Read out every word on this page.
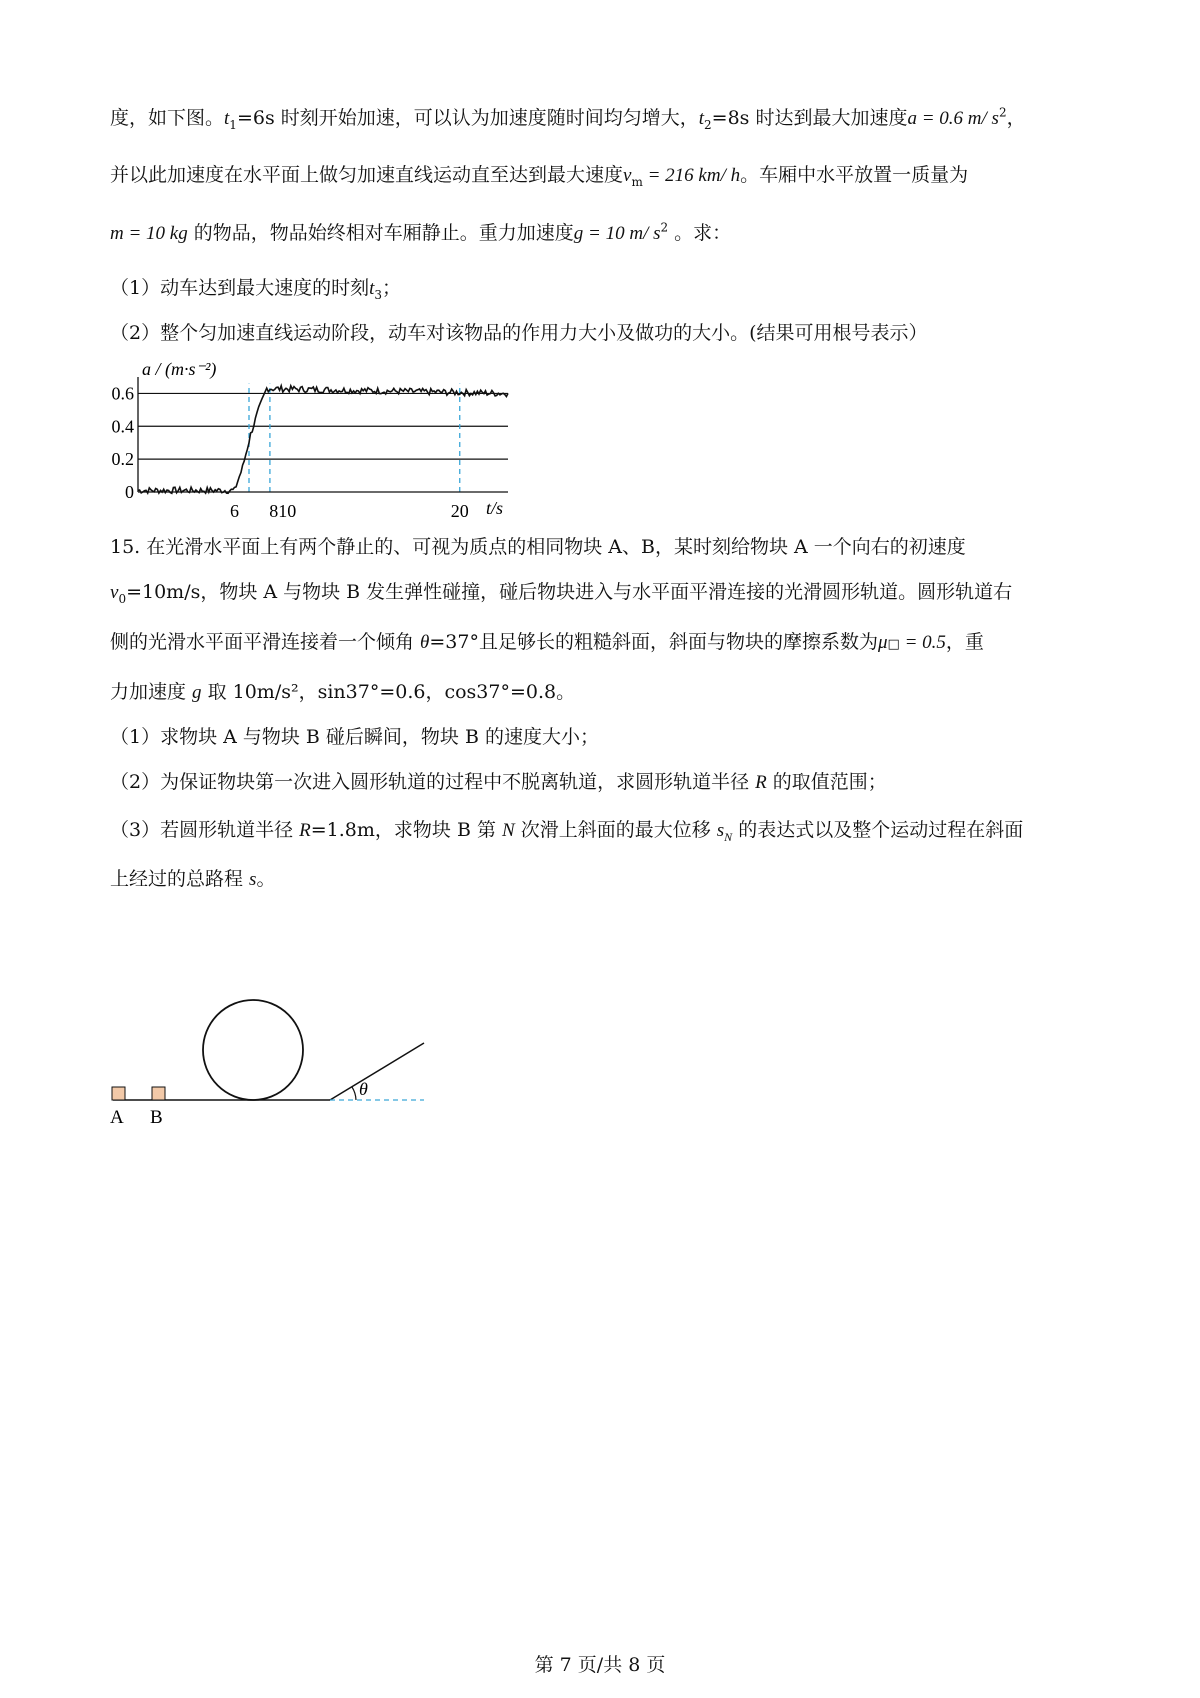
度，如下图。$t_1=6s$ 时刻开始加速，可以认为加速度随时间均匀增大，$t_2=8s$ 时达到最大加速度a = 0.6 m/ $s^2$，
并以此加速度在水平面上做匀加速直线运动直至达到最大速度$v_m = 216$ km/ h。车厢中水平放置一质量为
m = 10 kg 的物品，物品始终相对车厢静止。重力加速度g = 10 m/ $s^2$ 。求：
（1）动车达到最大速度的时刻$t_3$；
（2）整个匀加速直线运动阶段，动车对该物品的作用力大小及做功的大小。(结果可用根号表示）
a / (m·s⁻²)
t/s
0.6
0.4
0.2
0
6 810	20
15. 在光滑水平面上有两个静止的、可视为质点的相同物块 A、B，某时刻给物块 A 一个向右的初速度
$v_0=10m/s$，物块 A 与物块 B 发生弹性碰撞，碰后物块进入与水平面平滑连接的光滑圆形轨道。圆形轨道右
侧的光滑水平面平滑连接着一个倾角 θ=37°且足够长的粗糙斜面，斜面与物块的摩擦系数为μ□ = 0.5，重
力加速度 g 取 10m/s²，sin37°=0.6，cos37°=0.8。
（1）求物块 A 与物块 B 碰后瞬间，物块 B 的速度大小；
（2）为保证物块第一次进入圆形轨道的过程中不脱离轨道，求圆形轨道半径 R 的取值范围；
（3）若圆形轨道半径 R=1.8m，求物块 B 第 N 次滑上斜面的最大位移 $s_N$ 的表达式以及整个运动过程在斜面
上经过的总路程 s。
θ
A B
第 7 页/共 8 页
